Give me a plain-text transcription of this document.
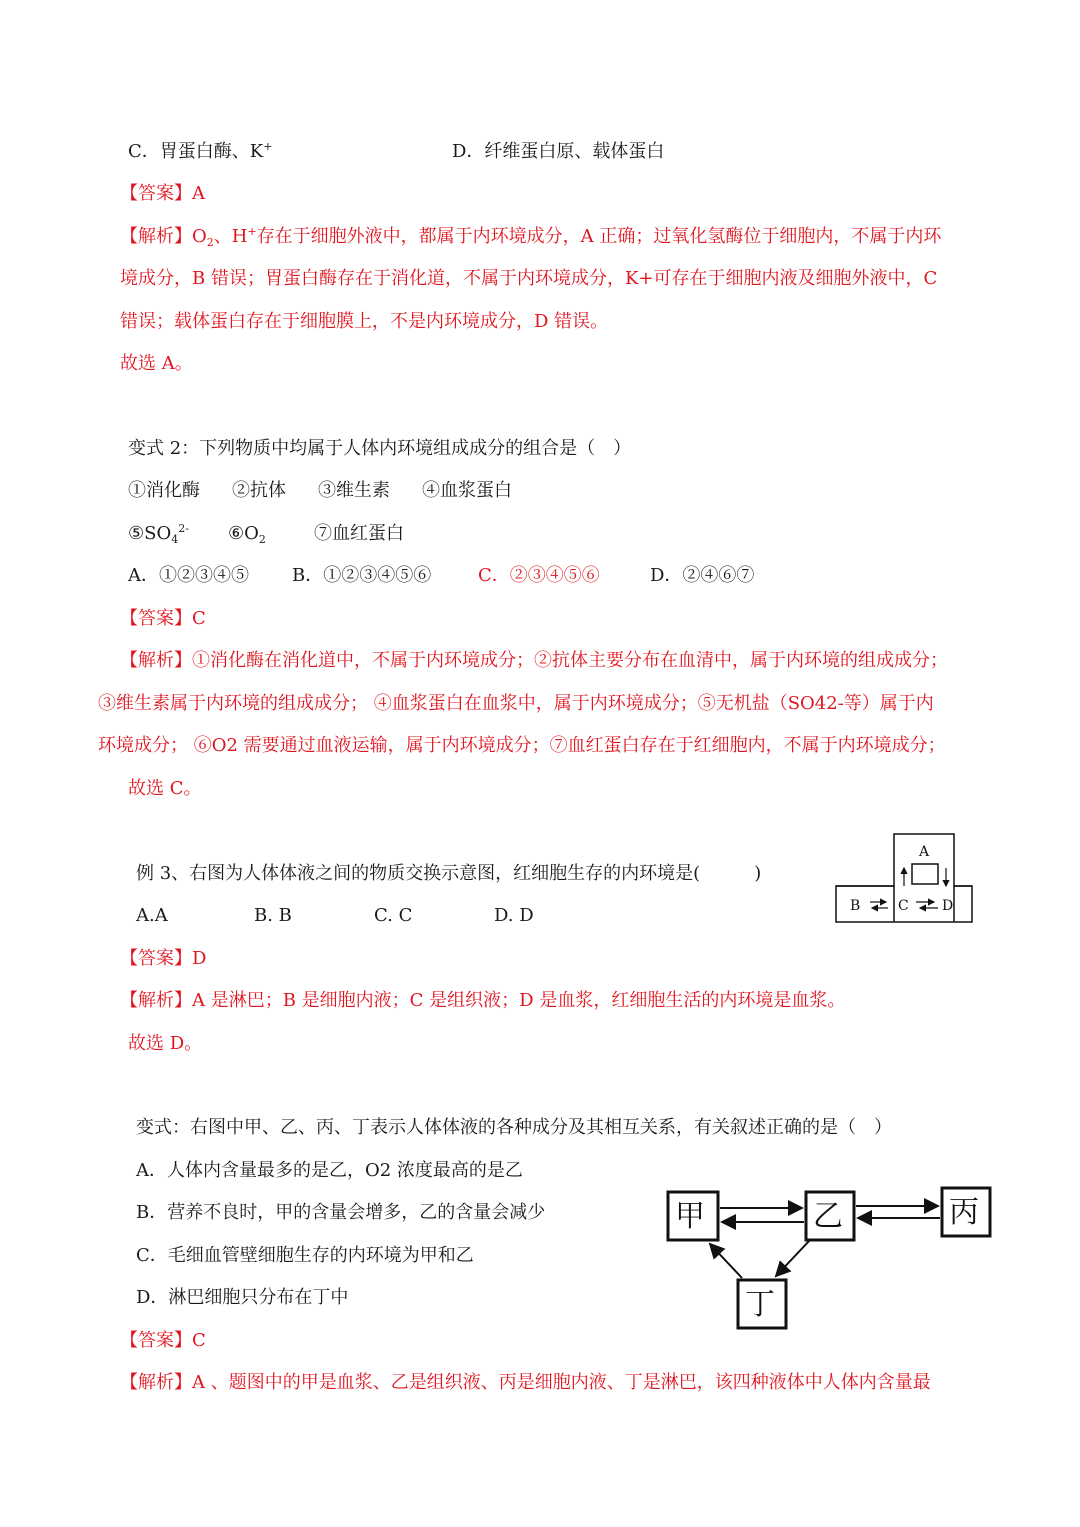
C．胃蛋白酶、K+	D．纤维蛋白原、载体蛋白
【答案】A
【解析】$O_2$、H+存在于细胞外液中，都属于内环境成分，A 正确；过氧化氢酶位于细胞内，不属于内环
境成分，B 错误；胃蛋白酶存在于消化道，不属于内环境成分，K+可存在于细胞内液及细胞外液中，C
错误；载体蛋白存在于细胞膜上，不是内环境成分，D 错误。
故选 A。
变式 2：下列物质中均属于人体内环境组成成分的组合是（　）
①消化酶 ②抗体 ③维生素 ④血浆蛋白
$⑤SO_4^{2-}$ $⑥O_2$	⑦血红蛋白
A．①②③④⑤ B．①②③④⑤⑥	C．②③④⑤⑥	D．②④⑥⑦
【答案】C
【解析】①消化酶在消化道中，不属于内环境成分；②抗体主要分布在血清中，属于内环境的组成成分；
③维生素属于内环境的组成成分； ④血浆蛋白在血浆中，属于内环境成分；⑤无机盐（SO42-等）属于内
环境成分； ⑥O2 需要通过血液运输，属于内环境成分；⑦血红蛋白存在于红细胞内，不属于内环境成分；
故选 C。
例 3、右图为人体体液之间的物质交换示意图，红细胞生存的内环境是(　　　)
A.A	B. B	C. C	D. D
A
B	C D
【答案】D
【解析】A 是淋巴；B 是细胞内液；C 是组织液；D 是血浆，红细胞生活的内环境是血浆。
故选 D。
变式：右图中甲、乙、丙、丁表示人体体液的各种成分及其相互关系，有关叙述正确的是（　）
A．人体内含量最多的是乙，O2 浓度最高的是乙
B．营养不良时，甲的含量会增多，乙的含量会减少
C．毛细血管壁细胞生存的内环境为甲和乙
D．淋巴细胞只分布在丁中
甲	乙	丙
丁
【答案】C
【解析】A 、题图中的甲是血浆、乙是组织液、丙是细胞内液、丁是淋巴，该四种液体中人体内含量最
